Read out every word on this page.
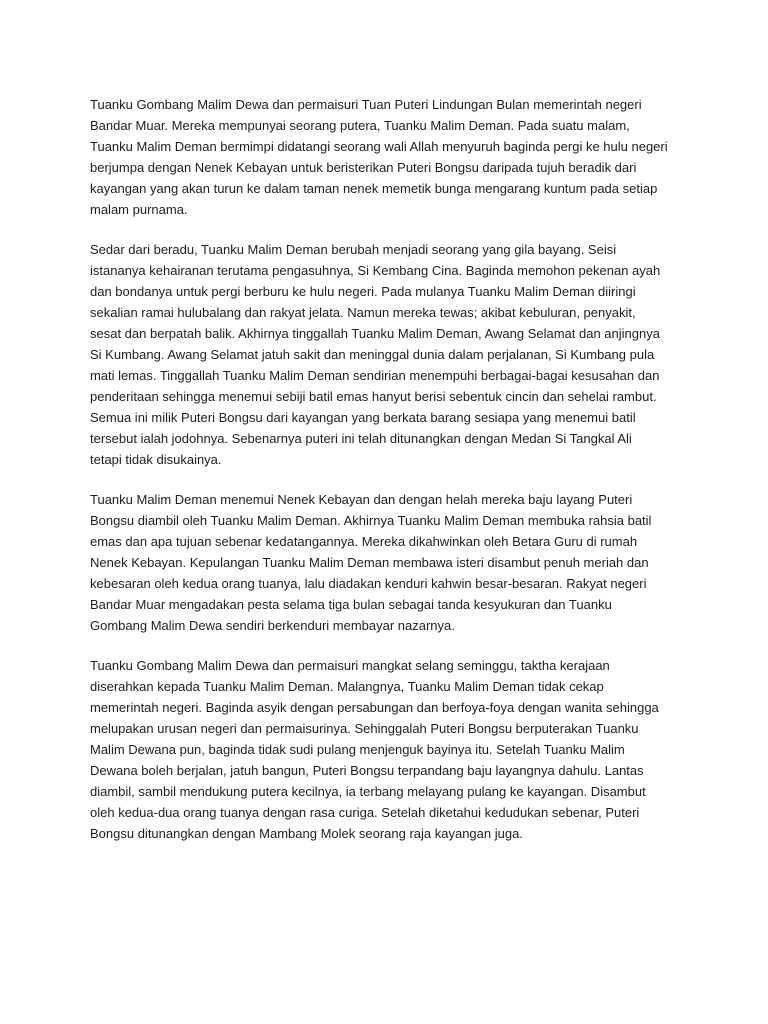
Tuanku Gombang Malim Dewa dan permaisuri Tuan Puteri Lindungan Bulan memerintah negeri
Bandar Muar. Mereka mempunyai seorang putera, Tuanku Malim Deman. Pada suatu malam,
Tuanku Malim Deman bermimpi didatangi seorang wali Allah menyuruh baginda pergi ke hulu negeri
berjumpa dengan Nenek Kebayan untuk beristerikan Puteri Bongsu daripada tujuh beradik dari
kayangan yang akan turun ke dalam taman nenek memetik bunga mengarang kuntum pada setiap
malam purnama.
Sedar dari beradu, Tuanku Malim Deman berubah menjadi seorang yang gila bayang. Seisi
istananya kehairanan terutama pengasuhnya, Si Kembang Cina. Baginda memohon pekenan ayah
dan bondanya untuk pergi berburu ke hulu negeri. Pada mulanya Tuanku Malim Deman diiringi
sekalian ramai hulubalang dan rakyat jelata. Namun mereka tewas; akibat kebuluran, penyakit,
sesat dan berpatah balik. Akhirnya tinggallah Tuanku Malim Deman, Awang Selamat dan anjingnya
Si Kumbang. Awang Selamat jatuh sakit dan meninggal dunia dalam perjalanan, Si Kumbang pula
mati lemas. Tinggallah Tuanku Malim Deman sendirian menempuhi berbagai-bagai kesusahan dan
penderitaan sehingga menemui sebiji batil emas hanyut berisi sebentuk cincin dan sehelai rambut.
Semua ini milik Puteri Bongsu dari kayangan yang berkata barang sesiapa yang menemui batil
tersebut ialah jodohnya. Sebenarnya puteri ini telah ditunangkan dengan Medan Si Tangkal Ali
tetapi tidak disukainya.
Tuanku Malim Deman menemui Nenek Kebayan dan dengan helah mereka baju layang Puteri
Bongsu diambil oleh Tuanku Malim Deman. Akhirnya Tuanku Malim Deman membuka rahsia batil
emas dan apa tujuan sebenar kedatangannya. Mereka dikahwinkan oleh Betara Guru di rumah
Nenek Kebayan. Kepulangan Tuanku Malim Deman membawa isteri disambut penuh meriah dan
kebesaran oleh kedua orang tuanya, lalu diadakan kenduri kahwin besar-besaran. Rakyat negeri
Bandar Muar mengadakan pesta selama tiga bulan sebagai tanda kesyukuran dan Tuanku
Gombang Malim Dewa sendiri berkenduri membayar nazarnya.
Tuanku Gombang Malim Dewa dan permaisuri mangkat selang seminggu, taktha kerajaan
diserahkan kepada Tuanku Malim Deman. Malangnya, Tuanku Malim Deman tidak cekap
memerintah negeri. Baginda asyik dengan persabungan dan berfoya-foya dengan wanita sehingga
melupakan urusan negeri dan permaisurinya. Sehinggalah Puteri Bongsu berputerakan Tuanku
Malim Dewana pun, baginda tidak sudi pulang menjenguk bayinya itu. Setelah Tuanku Malim
Dewana boleh berjalan, jatuh bangun, Puteri Bongsu terpandang baju layangnya dahulu. Lantas
diambil, sambil mendukung putera kecilnya, ia terbang melayang pulang ke kayangan. Disambut
oleh kedua-dua orang tuanya dengan rasa curiga. Setelah diketahui kedudukan sebenar, Puteri
Bongsu ditunangkan dengan Mambang Molek seorang raja kayangan juga.
